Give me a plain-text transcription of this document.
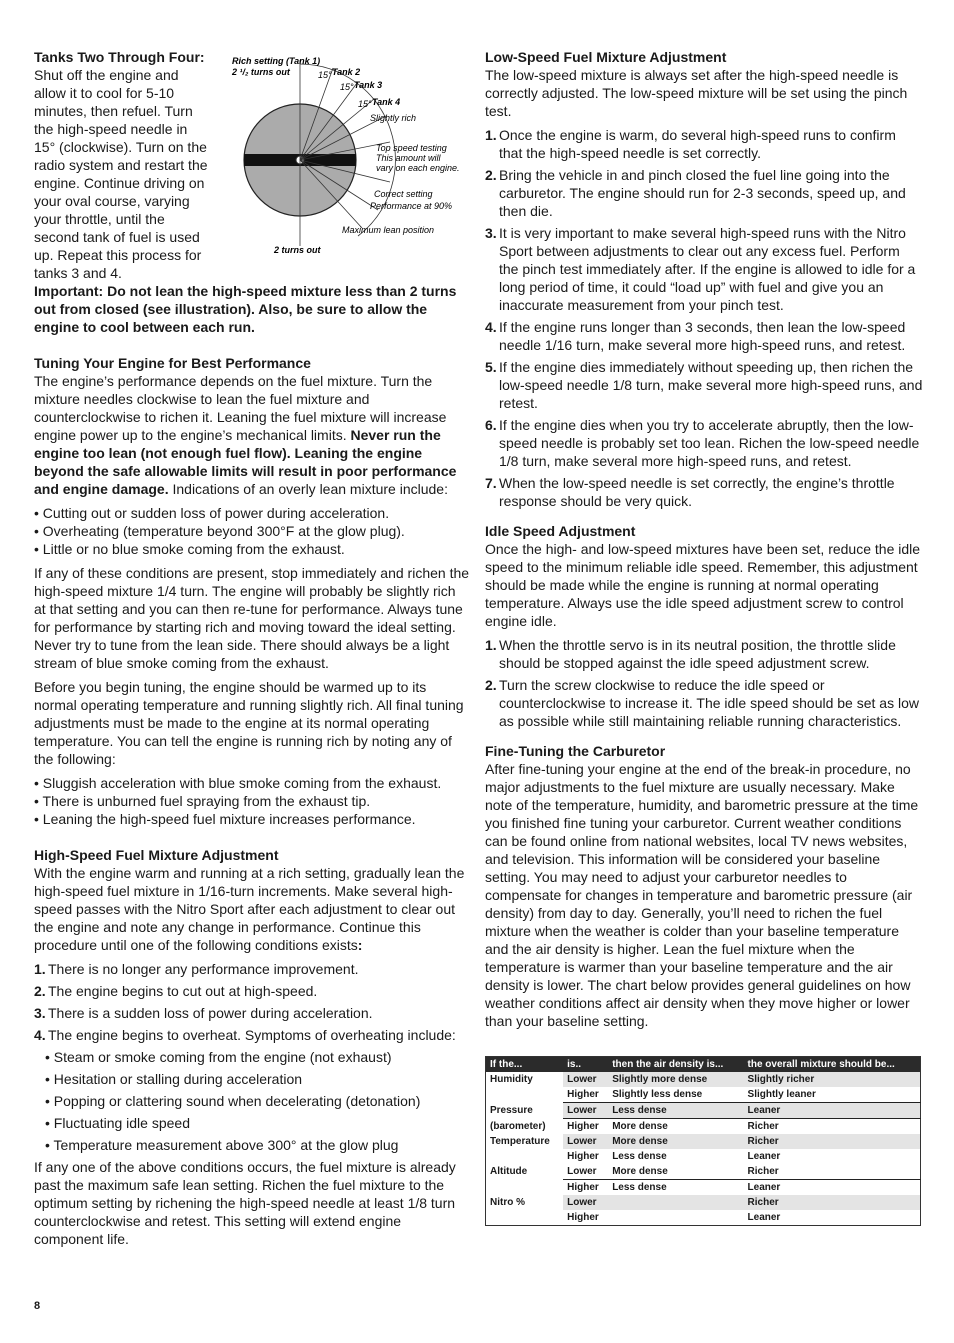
Tanks Two Through Four:

Shut off the engine and allow it to cool for 5-10 minutes, then refuel. Turn the high-speed needle in 15° (clockwise). Turn on the radio system and restart the engine. Continue driving on your oval course, varying your throttle, until the second tank of fuel is used up. Repeat this process for tanks 3 and 4.

Rich setting (Tank 1)
2 ¹/₂ turns out	15° Tank 2
15° Tank 3
15° Tank 4
Slightly rich
Top speed testing
This amount will
vary on each engine.
Correct setting
Performance at 90%
Maximum lean position
2 turns out

Important: Do not lean the high-speed mixture less than 2 turns out from closed (see illustration). Also, be sure to allow the engine to cool between each run.

Tuning Your Engine for Best Performance

The engine’s performance depends on the fuel mixture. Turn the mixture needles clockwise to lean the fuel mixture and counterclockwise to richen it. Leaning the fuel mixture will increase engine power up to the engine’s mechanical limits. Never run the engine too lean (not enough fuel flow). Leaning the engine beyond the safe allowable limits will result in poor performance and engine damage. Indications of an overly lean mixture include:

• Cutting out or sudden loss of power during acceleration.
• Overheating (temperature beyond 300°F at the glow plug).
• Little or no blue smoke coming from the exhaust.

If any of these conditions are present, stop immediately and richen the high-speed mixture 1/4 turn. The engine will probably be slightly rich at that setting and you can then re-tune for performance. Always tune for performance by starting rich and moving toward the ideal setting. Never try to tune from the lean side. There should always be a light stream of blue smoke coming from the exhaust.

Before you begin tuning, the engine should be warmed up to its normal operating temperature and running slightly rich. All final tuning adjustments must be made to the engine at its normal operating temperature. You can tell the engine is running rich by noting any of the following:

• Sluggish acceleration with blue smoke coming from the exhaust.
• There is unburned fuel spraying from the exhaust tip.
• Leaning the high-speed fuel mixture increases performance.
High-Speed Fuel Mixture Adjustment

With the engine warm and running at a rich setting, gradually lean the high-speed fuel mixture in 1/16-turn increments. Make several high-speed passes with the Nitro Sport after each adjustment to clear out the engine and note any change in performance. Continue this procedure until one of the following conditions exists:

1. There is no longer any performance improvement.
2. The engine begins to cut out at high-speed.
3. There is a sudden loss of power during acceleration.
4. The engine begins to overheat. Symptoms of overheating include:
• Steam or smoke coming from the engine (not exhaust)
• Hesitation or stalling during acceleration
• Popping or clattering sound when decelerating (detonation)
• Fluctuating idle speed
• Temperature measurement above 300° at the glow plug

If any one of the above conditions occurs, the fuel mixture is already past the maximum safe lean setting. Richen the fuel mixture to the optimum setting by richening the high-speed needle at least 1/8 turn counterclockwise and retest. This setting will extend engine component life.

Low-Speed Fuel Mixture Adjustment

The low-speed mixture is always set after the high-speed needle is correctly adjusted. The low-speed mixture will be set using the pinch test.

1. Once the engine is warm, do several high-speed runs to confirm that the high-speed needle is set correctly.
2. Bring the vehicle in and pinch closed the fuel line going into the carburetor. The engine should run for 2-3 seconds, speed up, and then die.
3. It is very important to make several high-speed runs with the Nitro Sport between adjustments to clear out any excess fuel. Perform the pinch test immediately after. If the engine is allowed to idle for a long period of time, it could “load up” with fuel and give you an inaccurate measurement from your pinch test.
4. If the engine runs longer than 3 seconds, then lean the low-speed needle 1/16 turn, make several more high-speed runs, and retest.
5. If the engine dies immediately without speeding up, then richen the low-speed needle 1/8 turn, make several more high-speed runs, and retest.
6. If the engine dies when you try to accelerate abruptly, then the low-speed needle is probably set too lean. Richen the low-speed needle 1/8 turn, make several more high-speed runs, and retest.
7. When the low-speed needle is set correctly, the engine’s throttle response should be very quick.
Idle Speed Adjustment

Once the high- and low-speed mixtures have been set, reduce the idle speed to the minimum reliable idle speed. Remember, this adjustment should be made while the engine is running at normal operating temperature. Always use the idle speed adjustment screw to control engine idle.

1. When the throttle servo is in its neutral position, the throttle slide should be stopped against the idle speed adjustment screw.
2. Turn the screw clockwise to reduce the idle speed or counterclockwise to increase it. The idle speed should be set as low as possible while still maintaining reliable running characteristics.
Fine-Tuning the Carburetor

After fine-tuning your engine at the end of the break-in procedure, no major adjustments to the fuel mixture are usually necessary. Make note of the temperature, humidity, and barometric pressure at the time you finished fine tuning your carburetor. Current weather conditions can be found online from national websites, local TV news websites, and television. This information will be considered your baseline setting. You may need to adjust your carburetor needles to compensate for changes in temperature and barometric pressure (air density) from day to day. Generally, you’ll need to richen the fuel mixture when the weather is colder than your baseline temperature and the air density is higher. Lean the fuel mixture when the temperature is warmer than your baseline temperature and the air density is lower. The chart below provides general guidelines on how weather conditions affect air density when they move higher or lower than your baseline setting.

If the...	is..	then the air density is...	the overall mixture should be...
Humidity	Lower	Slightly more dense	Slightly richer
	Higher	Slightly less dense	Slightly leaner
Pressure	Lower	Less dense	Leaner
(barometer)	Higher	More dense	Richer
Temperature	Lower	More dense	Richer
	Higher	Less dense	Leaner
Altitude	Lower	More dense	Richer
	Higher	Less dense	Leaner
Nitro %	Lower		Richer
	Higher		Leaner
8
